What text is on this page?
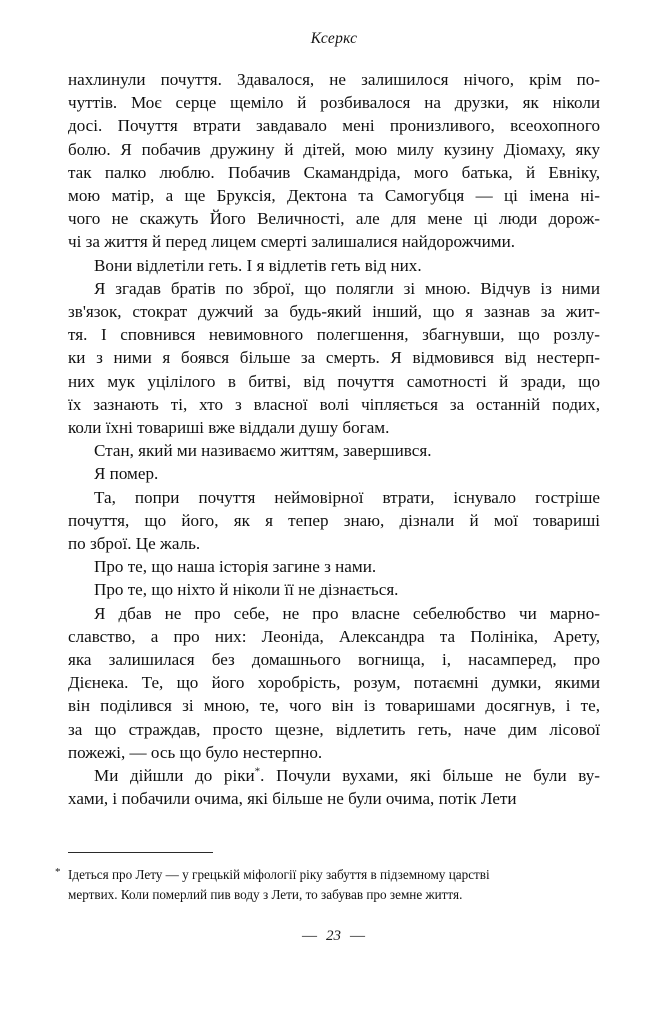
Ксеркс

нахлинули почуття. Здавалося, не залишилося нічого, крім по-
чуттів. Моє серце щеміло й розбивалося на друзки, як ніколи
досі. Почуття втрати завдавало мені пронизливого, всеохопного
болю. Я побачив дружину й дітей, мою милу кузину Діомаху, яку
так палко люблю. Побачив Скамандріда, мого батька, й Евніку,
мою матір, а ще Бруксія, Дектона та Самогубця — ці імена ні-
чого не скажуть Його Величності, але для мене ці люди дорож-
чі за життя й перед лицем смерті залишалися найдорожчими.

Вони відлетіли геть. І я відлетів геть від них.

Я згадав братів по зброї, що полягли зі мною. Відчув із ними
зв'язок, стократ дужчий за будь-який інший, що я зазнав за жит-
тя. І сповнився невимовного полегшення, збагнувши, що розлу-
ки з ними я боявся більше за смерть. Я відмовився від нестерп-
них мук уцілілого в битві, від почуття самотності й зради, що
їх зазнають ті, хто з власної волі чіпляється за останній подих,
коли їхні товариші вже віддали душу богам.

Стан, який ми називаємо життям, завершився.

Я помер.

Та, попри почуття неймовірної втрати, існувало гостріше
почуття, що його, як я тепер знаю, дізнали й мої товариші
по зброї. Це жаль.

Про те, що наша історія загине з нами.

Про те, що ніхто й ніколи її не дізнається.

Я дбав не про себе, не про власне себелюбство чи марно-
славство, а про них: Леоніда, Александра та Полініка, Арету,
яка залишилася без домашнього вогнища, і, насамперед, про
Дієнека. Те, що його хоробрість, розум, потаємні думки, якими
він поділився зі мною, те, чого він із товаришами досягнув, і те,
за що страждав, просто щезне, відлетить геть, наче дим лісової
пожежі, — ось що було нестерпно.

Ми дійшли до ріки*. Почули вухами, які більше не були ву-
хами, і побачили очима, які більше не були очима, потік Лети

* Ідеться про Лету — у грецькій міфології ріку забуття в підземному царстві
мертвих. Коли померлий пив воду з Лети, то забував про земне життя.
— 23 —
